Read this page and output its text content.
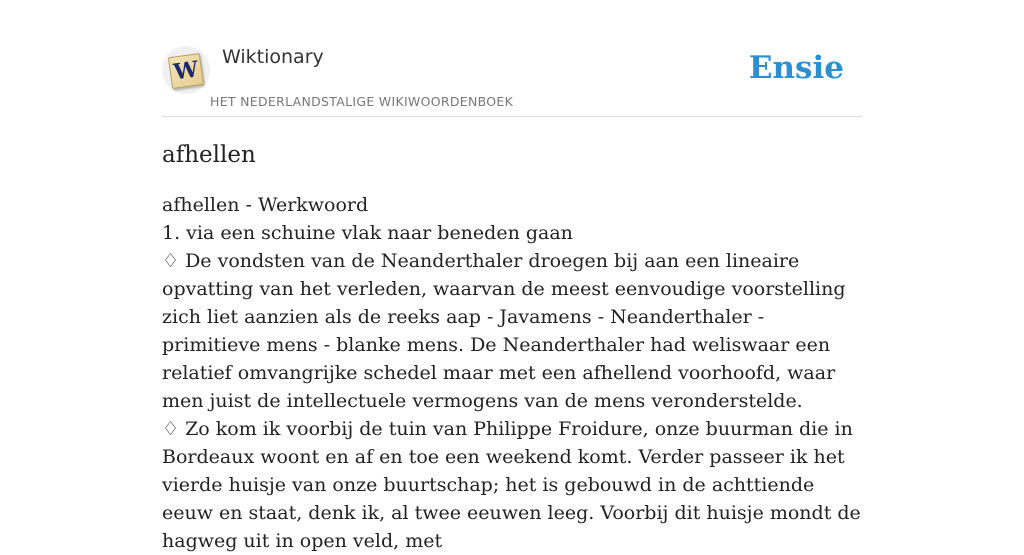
W Wiktionary
HET NEDERLANDSTALIGE WIKIWOORDENBOEK
Ensie
afhellen
afhellen - Werkwoord
1. via een schuine vlak naar beneden gaan
♢ De vondsten van de Neanderthaler droegen bij aan een lineaire opvatting van het verleden, waarvan de meest eenvoudige voorstelling zich liet aanzien als de reeks aap - Javamens - Neanderthaler - primitieve mens - blanke mens. De Neanderthaler had weliswaar een relatief omvangrijke schedel maar met een afhellend voorhoofd, waar men juist de intellectuele vermogens van de mens veronderstelde.
♢ Zo kom ik voorbij de tuin van Philippe Froidure, onze buurman die in Bordeaux woont en af en toe een weekend komt. Verder passeer ik het vierde huisje van onze buurtschap; het is gebouwd in de achttiende eeuw en staat, denk ik, al twee eeuwen leeg. Voorbij dit huisje mondt de hagweg uit in open veld, met
